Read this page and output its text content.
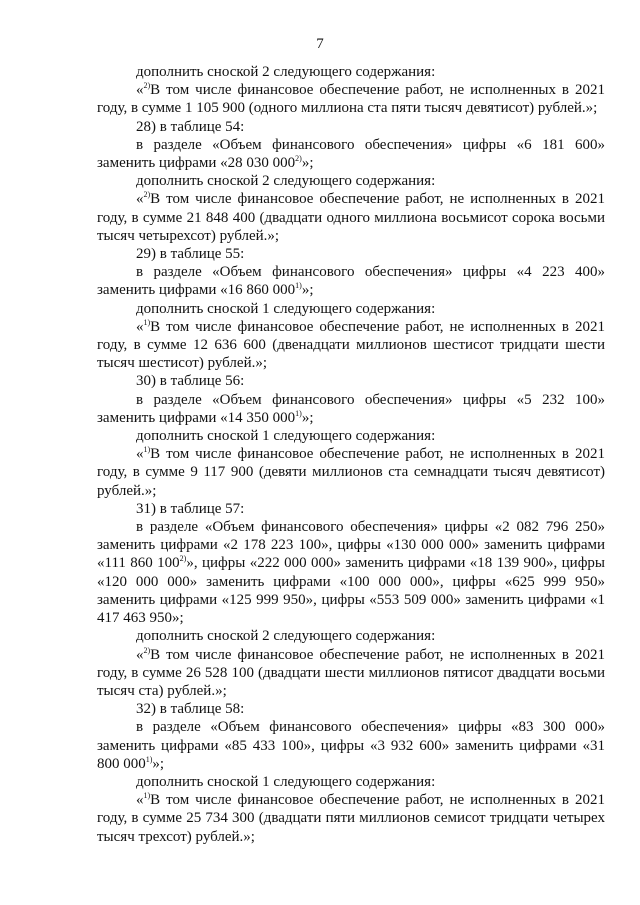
7

дополнить сноской 2 следующего содержания:

«$^{2)}$В том числе финансовое обеспечение работ, не исполненных в 2021 году, в сумме 1 105 900 (одного миллиона ста пяти тысяч девятисот) рублей.»;

28) в таблице 54:

в разделе «Объем финансового обеспечения» цифры «6 181 600» заменить цифрами «28 030 000$^{2)}$»;

дополнить сноской 2 следующего содержания:

«$^{2)}$В том числе финансовое обеспечение работ, не исполненных в 2021 году, в сумме 21 848 400 (двадцати одного миллиона восьмисот сорока восьми тысяч четырехсот) рублей.»;

29) в таблице 55:

в разделе «Объем финансового обеспечения» цифры «4 223 400» заменить цифрами «16 860 000$^{1)}$»;

дополнить сноской 1 следующего содержания:

«$^{1)}$В том числе финансовое обеспечение работ, не исполненных в 2021 году, в сумме 12 636 600 (двенадцати миллионов шестисот тридцати шести тысяч шестисот) рублей.»;

30) в таблице 56:

в разделе «Объем финансового обеспечения» цифры «5 232 100» заменить цифрами «14 350 000$^{1)}$»;

дополнить сноской 1 следующего содержания:

«$^{1)}$В том числе финансовое обеспечение работ, не исполненных в 2021 году, в сумме 9 117 900 (девяти миллионов ста семнадцати тысяч девятисот) рублей.»;

31) в таблице 57:

в разделе «Объем финансового обеспечения» цифры «2 082 796 250» заменить цифрами «2 178 223 100», цифры «130 000 000» заменить цифрами «111 860 100$^{2)}$», цифры «222 000 000» заменить цифрами «18 139 900», цифры «120 000 000» заменить цифрами «100 000 000», цифры «625 999 950» заменить цифрами «125 999 950», цифры «553 509 000» заменить цифрами «1 417 463 950»;

дополнить сноской 2 следующего содержания:

«$^{2)}$В том числе финансовое обеспечение работ, не исполненных в 2021 году, в сумме 26 528 100 (двадцати шести миллионов пятисот двадцати восьми тысяч ста) рублей.»;

32) в таблице 58:

в разделе «Объем финансового обеспечения» цифры «83 300 000» заменить цифрами «85 433 100», цифры «3 932 600» заменить цифрами «31 800 000$^{1)}$»;

дополнить сноской 1 следующего содержания:

«$^{1)}$В том числе финансовое обеспечение работ, не исполненных в 2021 году, в сумме 25 734 300 (двадцати пяти миллионов семисот тридцати четырех тысяч трехсот) рублей.»;
